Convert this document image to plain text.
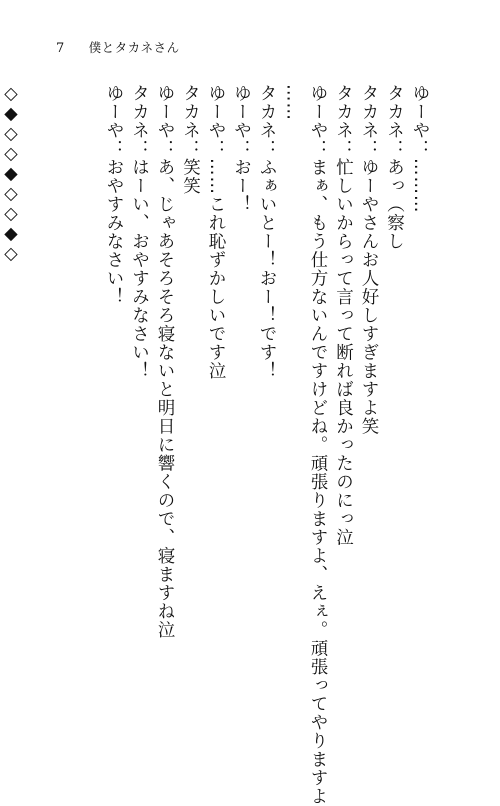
7 僕とタカネさん
ゆーや：………
タカネ：あっ（察し
タカネ：ゆーやさんお人好しすぎますよ笑
タカネ：忙しいからって言って断れば良かったのにっ泣
ゆーや：まぁ、もう仕方ないんですけどね。頑張りますよ、えぇ。頑張ってやりますよ
……
タカネ：ふぁいとー！おー！です！
ゆーや：おー！
ゆーや：……これ恥ずかしいです泣
タカネ：笑笑
ゆーや：あ、じゃあそろそろ寝ないと明日に響くので、寝ますね泣
タカネ：はーい、おやすみなさい！
ゆーや：おやすみなさい！
◇◆◇◇◆◇◇◆◇
